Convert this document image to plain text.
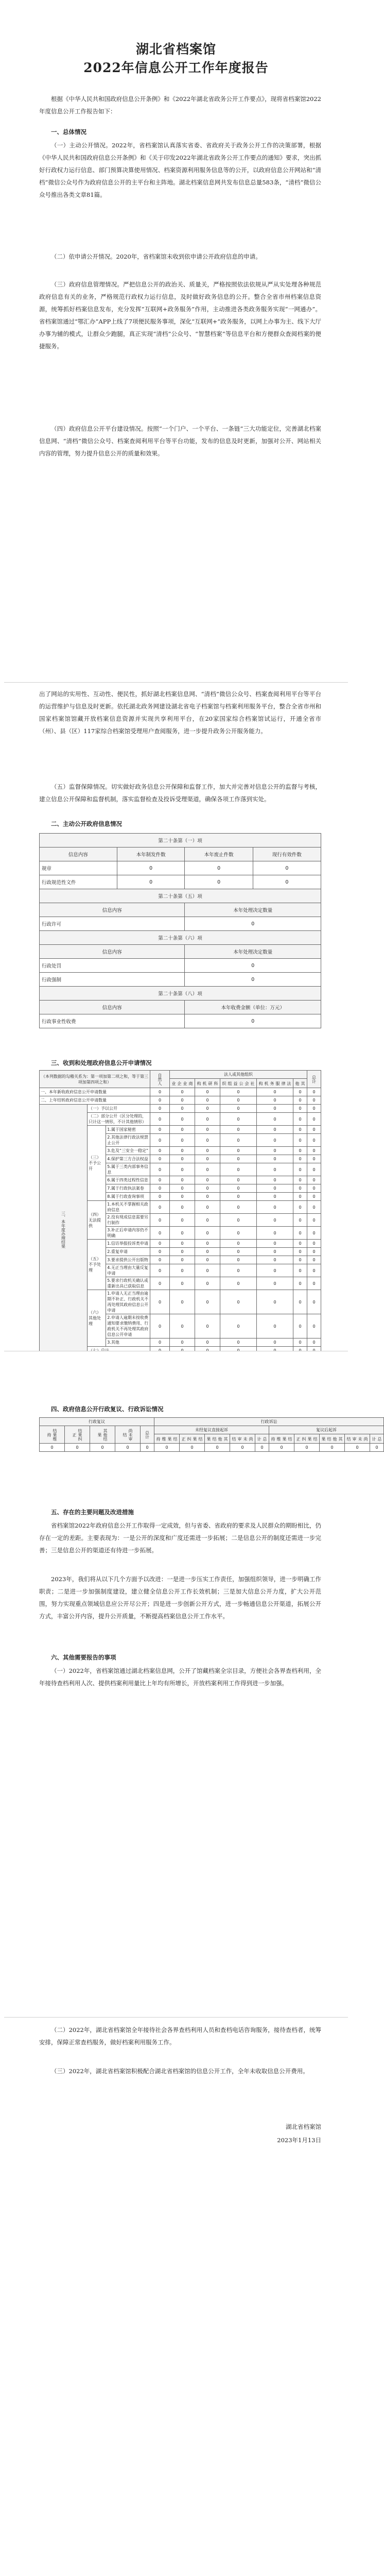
湖北省档案馆
2022年信息公开工作年度报告

根据《中华人民共和国政府信息公开条例》和《2022年湖北省政务公开工作要点》，现将省档案馆2022年度信息公开工作报告如下：

一、总体情况

（一）主动公开情况。2022年，省档案馆认真落实省委、省政府关于政务公开工作的决策部署，根据《中华人民共和国政府信息公开条例》和《关于印发2022年湖北省政务公开工作要点的通知》要求，突出抓好行政权力运行信息、部门预算决算使用情况、档案资源利用服务信息等的公开，以政府信息公开网站和“清档”微信公众号作为政府信息公开的主平台和主阵地。湖北档案信息网共发布信息总量583条，“清档”微信公众号推出各类文章81篇。

（二）依申请公开情况。2020年，省档案馆未收到依申请公开政府信息的申请。

（三）政府信息管理情况。严把信息公开的政治关、质量关，严格按照依法依规从严从实处理各种规范政府信息有关的业务，严格规范行政权力运行信息，及时做好政务信息的公开。整合全省市州档案信息资源，统筹抓好档案信息发布，充分发挥“互联网+政务服务”作用，主动推进各类政务服务实现“一网通办”。省档案馆通过“鄂汇办”APP上线了7项便民服务事项，深化“互联网+”政务服务，以网上办事为主、线下大厅办事为辅的模式，让群众少跑腿，真正实现“清档”公众号、“智慧档案”等信息平台和方便群众查阅档案的便捷服务。

（四）政府信息公开平台建设情况。按照“一个门户、一个平台、一条链”三大功能定位，完善湖北档案信息网、“清档”微信公众号、档案查阅利用平台等平台功能，发布的信息及时更新，加强对公开、网站相关内容的管理，努力提升信息公开的质量和效果。

出了网站的实用性、互动性、便民性，抓好湖北档案信息网、“清档”微信公众号、档案查阅利用平台等平台的运营维护与信息及时更新。依托湖北政务网建设湖北省电子档案馆与档案利用服务平台，整合全省市州和国家档案馆馆藏开放档案信息资源并实现共享利用平台，在20家国家综合档案馆试运行，开通全省市（州）、县（区）117家综合档案馆受理用户查阅服务，进一步提升政务公开服务能力。

（五）监督保障情况。切实做好政务信息公开保障和监督工作，加大并完善对信息公开的监督与考核，建立信息公开保障和监督机制，落实监督检查及投诉受理渠道，确保各项工作落到实处。

二、主动公开政府信息情况

第二十条第（一）项			
信息内容	本年制发件数	本年废止件数	现行有效件数
规章	0	0	0
行政规范性文件	0	0	0
第二十条第（五）项			
信息内容		本年处理决定数量	
行政许可		0	
第二十条第（六）项			
信息内容		本年处理决定数量	
行政处罚		0	
行政强制		0	
第二十条第（八）项			
信息内容		本年收费金额（单位：万元）	
行政事业性收费		0	

三、收到和处理政府信息公开申请情况

（本列数据的勾稽关系为：第一项加第二项之和，等于第三项加第四项之和）			自然人	法人或其他组织					总计
				商业企业	科研机构	社会公益组织	法律服务机构	其他	

一、本年新收政府信息公开申请数量			0	0	0	0	0	0	0
二、上年结转政府信息公开申请数量			0	0	0	0	0	0	0
三、本年度办理结果	（一）予以公开		0	0	0	0	0	0	0
	（二）部分公开（区分处理的，只计这一情形，不计其他情形）		0	0	0	0	0	0	0
	（三）不予公开	1.属于国家秘密	0	0	0	0	0	0	0
		2.其他法律行政法规禁止公开	0	0	0	0	0	0	0
		3.危及“三安全一稳定”	0	0	0	0	0	0	0
		4.保护第三方合法权益	0	0	0	0	0	0	0
		5.属于三类内部事务信息	0	0	0	0	0	0	0
		6.属于四类过程性信息	0	0	0	0	0	0	0
		7.属于行政执法案卷	0	0	0	0	0	0	0
		8.属于行政查询事项	0	0	0	0	0	0	0
	（四）无法提供	1.本机关不掌握相关政府信息	0	0	0	0	0	0	0
		2.没有现成信息需要另行制作	0	0	0	0	0	0	0
		3.补正后申请内容仍不明确	0	0	0	0	0	0	0
	（五）不予处理	1.信访举报投诉类申请	0	0	0	0	0	0	0
		2.重复申请	0	0	0	0	0	0	0
		3.要求提供公开出版物	0	0	0	0	0	0	0
		4.无正当理由大量反复申请	0	0	0	0	0	0	0
		5.要求行政机关确认或重新出具已获取信息	0	0	0	0	0	0	0
	（六）其他处理	1.申请人无正当理由逾期不补正、行政机关不再处理其政府信息公开申请	0	0	0	0	0	0	0
		2.申请人逾期未按收费通知要求缴纳费用、行政机关不再处理其政府信息公开申请	0	0	0	0	0	0	0
		3.其他	0	0	0	0	0	0	0

四、政府信息公开行政复议、行政诉讼情况

行政复议					行政诉讼									
结果维持	结果纠正	其他结果	尚未审结	总计	未经复议直接起诉					复议后起诉				
					结果维持	结果纠正	其他结果	尚未审结	总计	结果维持	结果纠正	其他结果	尚未审结	总计
0	0	0	0	0	0	0	0	0	0	0	0	0	0	0

五、存在的主要问题及改进措施

省档案馆2022年政府信息公开工作取得一定成效，但与省委、省政府的要求及人民群众的期盼相比，仍存在一定的差距。主要表现为：一是公开的深度和广度还需进一步拓展；二是信息公开的制度还需进一步完善；三是信息公开的渠道还有待进一步拓展。

2023年，我们将从以下几个方面予以改进：一是进一步压实工作责任，加强组织领导，进一步明确工作职责；二是进一步加强制度建设，建立健全信息公开工作长效机制；三是加大信息公开力度，扩大公开范围，努力实现重点领域信息应公开尽公开；四是进一步创新公开方式，进一步畅通信息公开渠道，拓展公开方式，丰富公开内容，提升公开质量，不断提高档案信息公开工作水平。

六、其他需要报告的事项

（一）2022年，省档案馆通过湖北档案信息网，公开了馆藏档案全宗目录，方便社会各界查档利用，全年接待查档利用人次、提供档案利用量比上年均有所增长，开放档案利用工作得到进一步加强。

（二）2022年，湖北省档案馆全年接待社会各界查档利用人员和查档电话咨询服务，接待查档者，统筹安排，保障正常查档服务，做好档案利用服务工作。

（三）2022年，湖北省档案馆积极配合湖北省档案馆的信息公开工作，全年未收取信息公开费用。

湖北省档案馆
2023年1月13日
